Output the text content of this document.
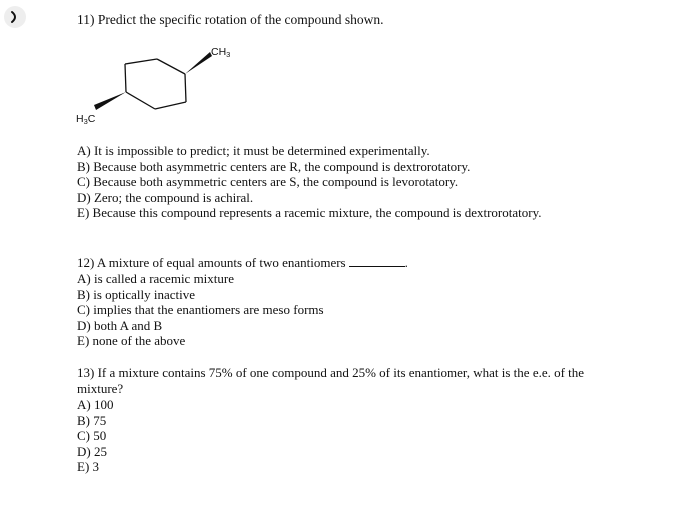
11) Predict the specific rotation of the compound shown.
CH3
H3C
A) It is impossible to predict; it must be determined experimentally.
B) Because both asymmetric centers are R, the compound is dextrorotatory.
C) Because both asymmetric centers are S, the compound is levorotatory.
D) Zero; the compound is achiral.
E) Because this compound represents a racemic mixture, the compound is dextrorotatory.
12) A mixture of equal amounts of two enantiomers	.
A) is called a racemic mixture
B) is optically inactive
C) implies that the enantiomers are meso forms
D) both A and B
E) none of the above
13) If a mixture contains 75% of one compound and 25% of its enantiomer, what is the e.e. of the
mixture?
A) 100
B) 75
C) 50
D) 25
E) 3
